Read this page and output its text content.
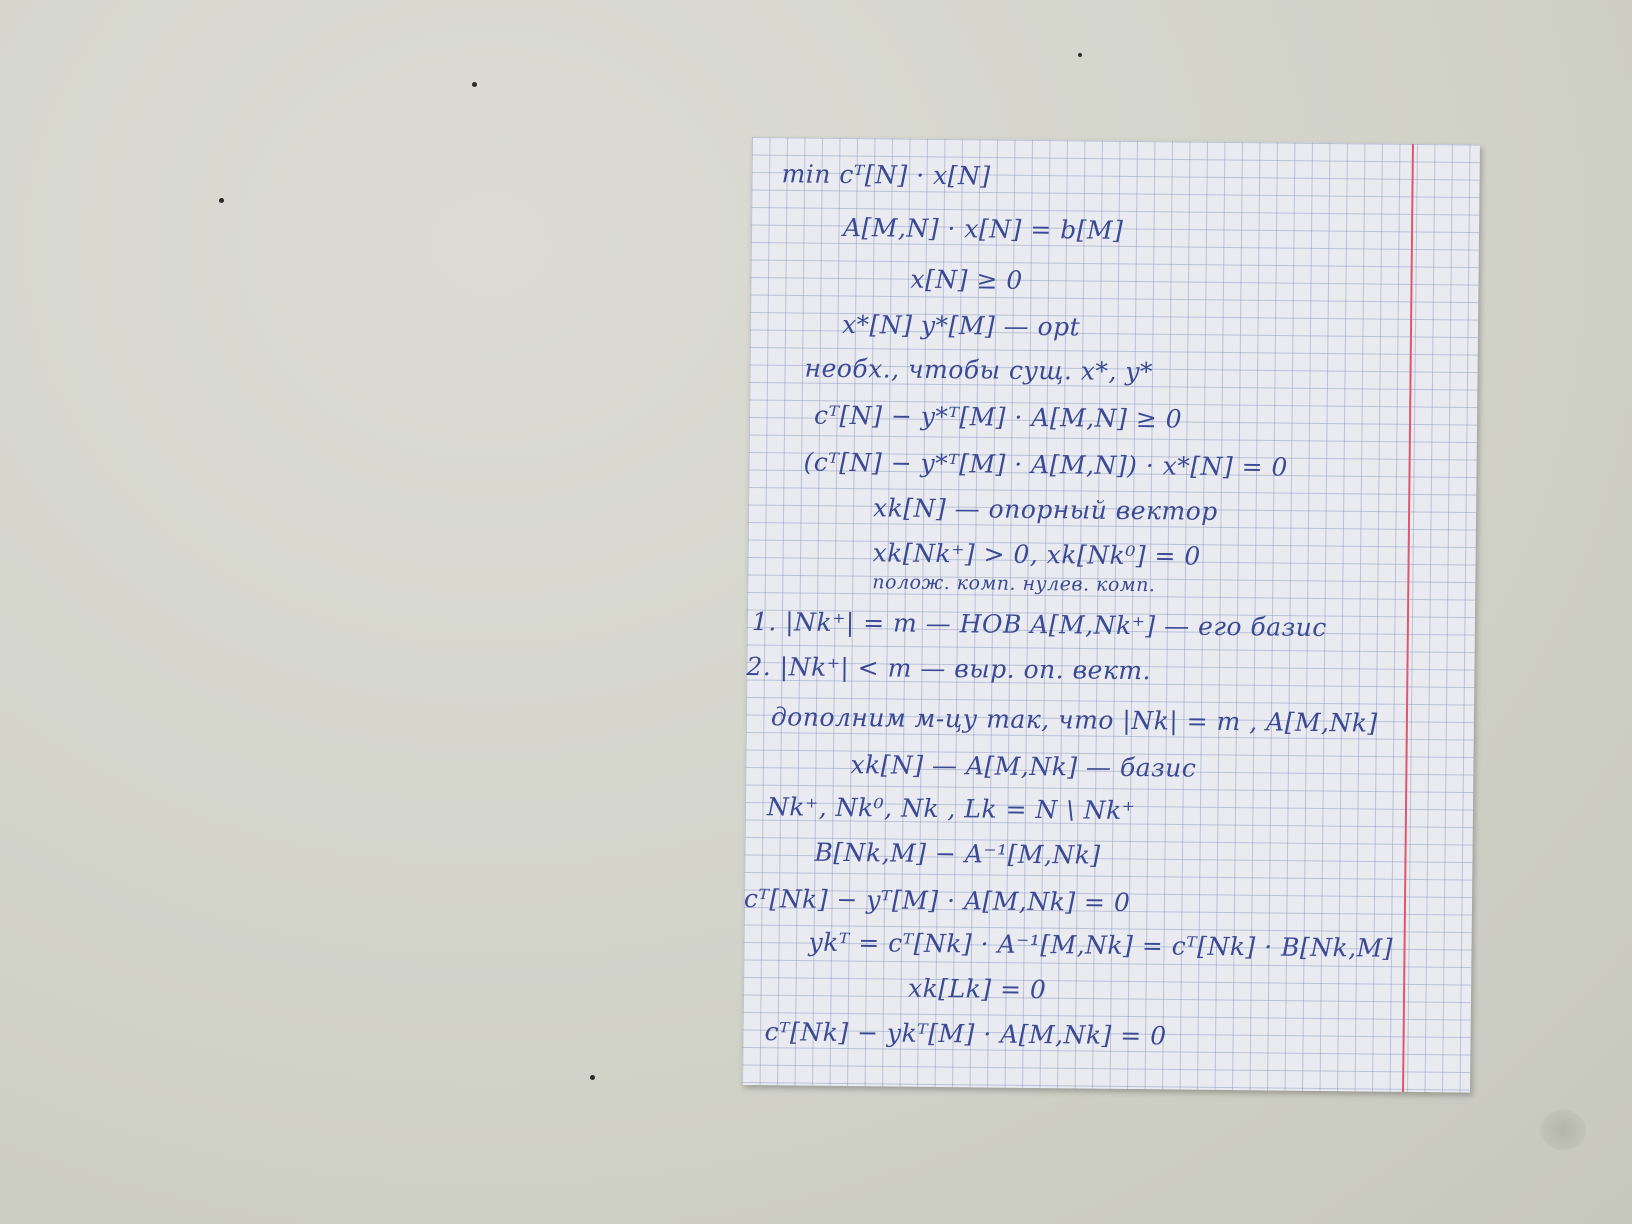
min cᵀ[N] · x[N]
A[M,N] · x[N] = b[M]
x[N] ≥ 0
x*[N] y*[M] — opt
необх., чтобы сущ. x*, y*
cᵀ[N] − y*ᵀ[M] · A[M,N] ≥ 0
(cᵀ[N] − y*ᵀ[M] · A[M,N]) · x*[N] = 0
xk[N] — опорный вектор
xk[Nk⁺] > 0, xk[Nk⁰] = 0
полож. комп. нулев. комп.
1. |Nk⁺| = m — НОВ A[M,Nk⁺] — его базис
2. |Nk⁺| < m — выр. оп. вект.
дополним м-цу так, что |Nk| = m , A[M,Nk]
xk[N] — A[M,Nk] — базис
Nk⁺, Nk⁰, Nk , Lk = N \ Nk⁺
B[Nk,M] − A⁻¹[M,Nk]
cᵀ[Nk] − yᵀ[M] · A[M,Nk] = 0
ykᵀ = cᵀ[Nk] · A⁻¹[M,Nk] = cᵀ[Nk] · B[Nk,M]
xk[Lk] = 0
cᵀ[Nk] − ykᵀ[M] · A[M,Nk] = 0
